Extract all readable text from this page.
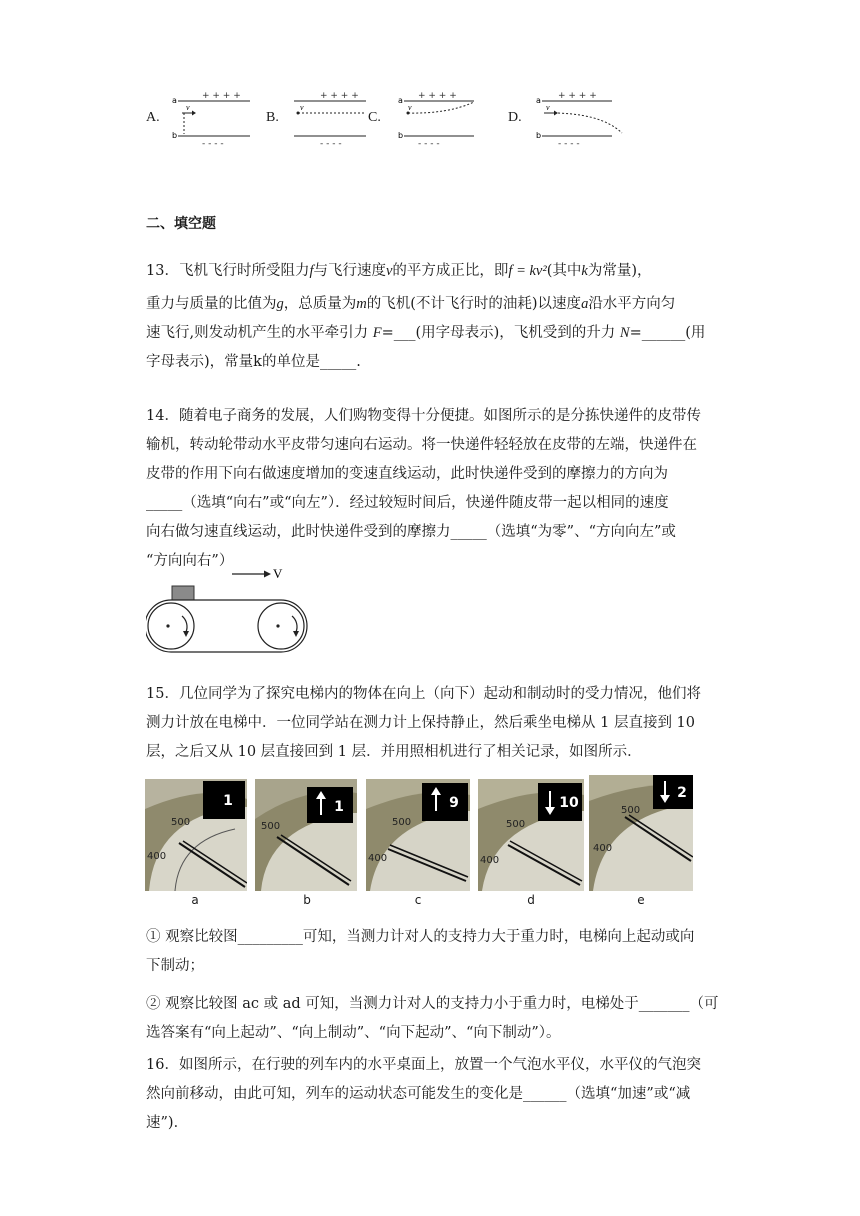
A.
+ + + +
a
v
b
- - - -
B.
+ + + +
v
- - - -
C.
+ + + +
a
v
b
- - - -
D.
+ + + +
a
v
b
- - - -
二、填空题
13．飞机飞行时所受阻力f与飞行速度v的平方成正比，即f = kv²(其中k为常量)，
重力与质量的比值为g，总质量为m的飞机(不计飞行时的油耗)以速度a沿水平方向匀
速飞行,则发动机产生的水平牵引力 F=___(用字母表示)，飞机受到的升力 N=______(用
字母表示)，常量k的单位是_____.
14．随着电子商务的发展，人们购物变得十分便捷。如图所示的是分拣快递件的皮带传
输机，转动轮带动水平皮带匀速向右运动。将一快递件轻轻放在皮带的左端，快递件在
皮带的作用下向右做速度增加的变速直线运动，此时快递件受到的摩擦力的方向为
_____（选填“向右”或“向左”）．经过较短时间后，快递件随皮带一起以相同的速度
向右做匀速直线运动，此时快递件受到的摩擦力_____（选填“为零”、“方向向左”或
“方向向右”）
V
15．几位同学为了探究电梯内的物体在向上（向下）起动和制动时的受力情况，他们将
测力计放在电梯中．一位同学站在测力计上保持静止，然后乘坐电梯从 1 层直接到 10
层，之后又从 10 层直接回到 1 层．并用照相机进行了相关记录，如图所示．
500
400
1
a
500
1
b
500
400
9
c
500
400
10
d
500
400
2
e
① 观察比较图_________可知，当测力计对人的支持力大于重力时，电梯向上起动或向
下制动；
② 观察比较图 ac 或 ad 可知，当测力计对人的支持力小于重力时，电梯处于_______（可
选答案有“向上起动”、“向上制动”、“向下起动”、“向下制动”）。
16．如图所示，在行驶的列车内的水平桌面上，放置一个气泡水平仪，水平仪的气泡突
然向前移动，由此可知，列车的运动状态可能发生的变化是______（选填“加速”或“减
速”)．
